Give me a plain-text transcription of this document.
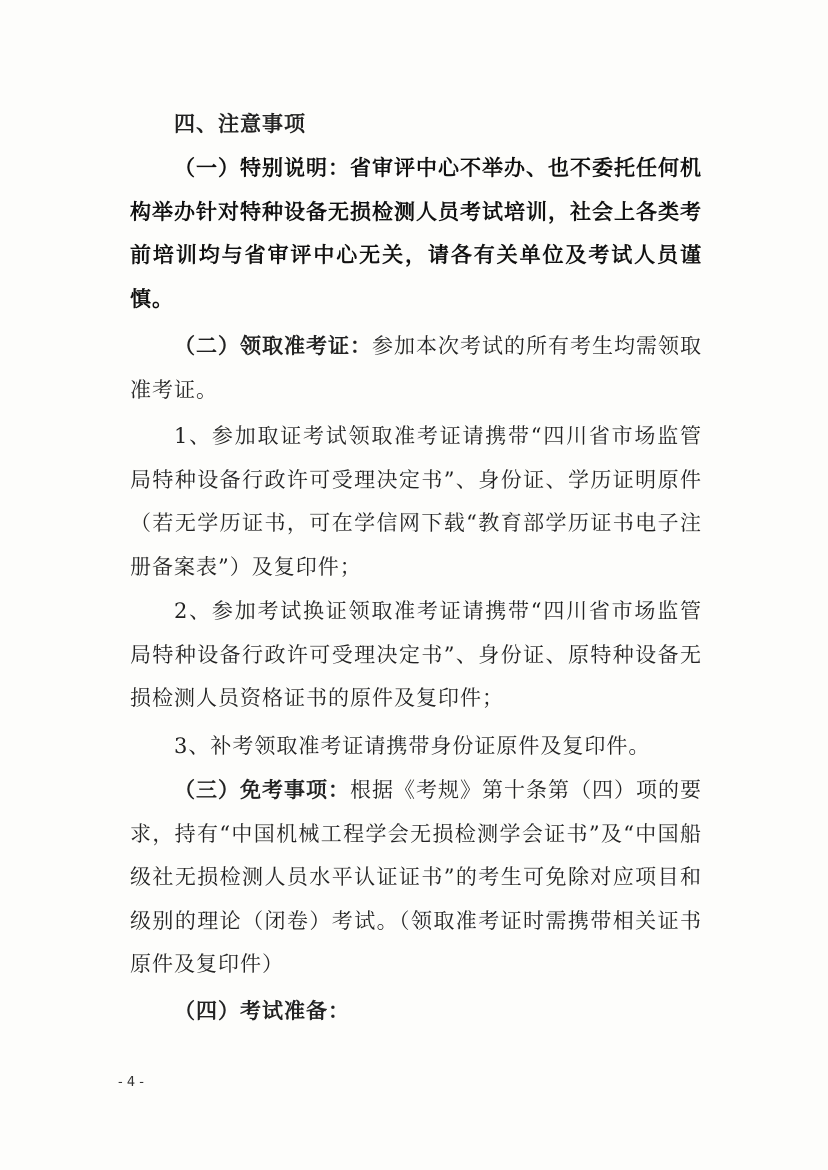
四、注意事项

（一）特别说明：省审评中心不举办、也不委托任何机构举办针对特种设备无损检测人员考试培训，社会上各类考前培训均与省审评中心无关，请各有关单位及考试人员谨慎。

（二）领取准考证：参加本次考试的所有考生均需领取准考证。

1、参加取证考试领取准考证请携带“四川省市场监管局特种设备行政许可受理决定书”、身份证、学历证明原件（若无学历证书，可在学信网下载“教育部学历证书电子注册备案表”）及复印件；

2、参加考试换证领取准考证请携带“四川省市场监管局特种设备行政许可受理决定书”、身份证、原特种设备无损检测人员资格证书的原件及复印件；

3、补考领取准考证请携带身份证原件及复印件。

（三）免考事项：根据《考规》第十条第（四）项的要求，持有“中国机械工程学会无损检测学会证书”及“中国船级社无损检测人员水平认证证书”的考生可免除对应项目和级别的理论（闭卷）考试。（领取准考证时需携带相关证书原件及复印件）

（四）考试准备：

- 4 -
